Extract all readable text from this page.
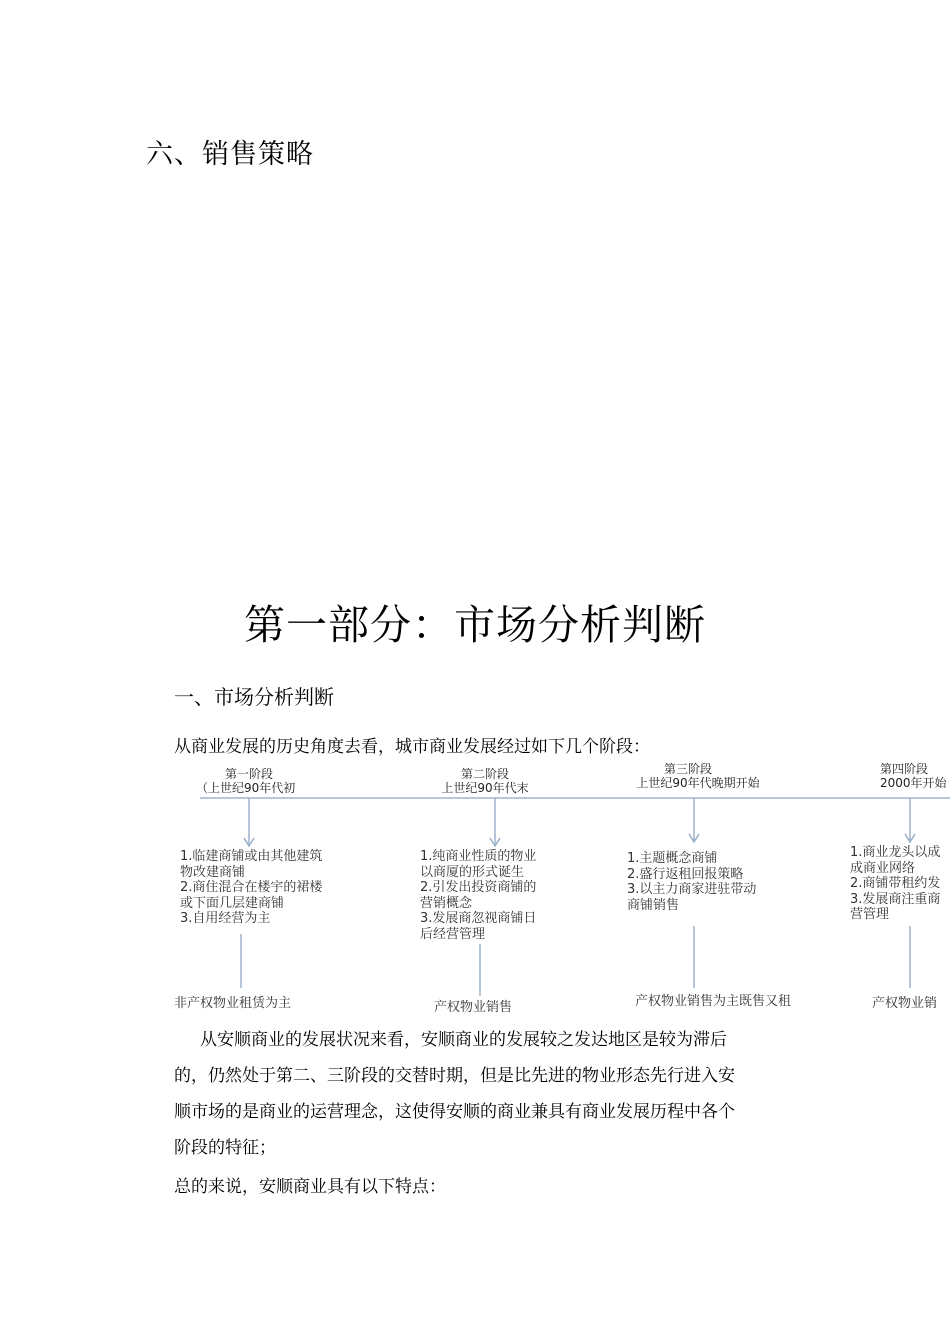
六、销售策略
第一部分：市场分析判断
一、市场分析判断
从商业发展的历史角度去看，城市商业发展经过如下几个阶段：
第一阶段
（上世纪90年代初
1.临建商铺或由其他建筑
物改建商铺
2.商住混合在楼宇的裙楼
或下面几层建商铺
3.自用经营为主
非产权物业租赁为主
第二阶段
上世纪90年代末
1.纯商业性质的物业
以商厦的形式诞生
2.引发出投资商铺的
营销概念
3.发展商忽视商铺日
后经营管理
产权物业销售
第三阶段
上世纪90年代晚期开始
1.主题概念商铺
2.盛行返租回报策略
3.以主力商家进驻带动
商铺销售
产权物业销售为主既售又租
第四阶段
2000年开始
1.商业龙头以成
成商业网络
2.商铺带租约发
3.发展商注重商
营管理
产权物业销

从安顺商业的发展状况来看，安顺商业的发展较之发达地区是较为滞后

的，仍然处于第二、三阶段的交替时期，但是比先进的物业形态先行进入安

顺市场的是商业的运营理念，这使得安顺的商业兼具有商业发展历程中各个

阶段的特征；

总的来说，安顺商业具有以下特点：
